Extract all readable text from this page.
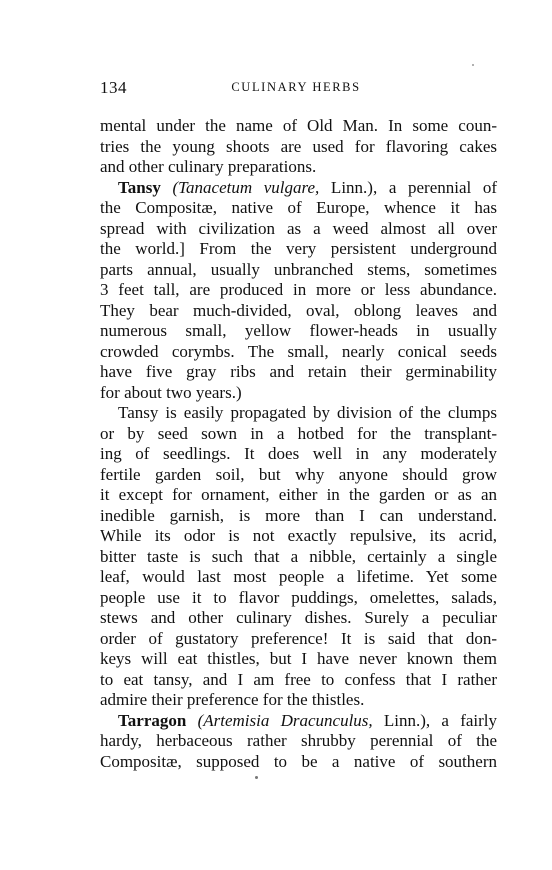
134	CULINARY HERBS
mental under the name of Old Man. In some coun-
tries the young shoots are used for flavoring cakes
and other culinary preparations.
Tansy (Tanacetum vulgare, Linn.), a perennial of
the Compositæ, native of Europe, whence it has
spread with civilization as a weed almost all over
the world.] From the very persistent underground
parts annual, usually unbranched stems, sometimes
3 feet tall, are produced in more or less abundance.
They bear much-divided, oval, oblong leaves and
numerous small, yellow flower-heads in usually
crowded corymbs. The small, nearly conical seeds
have five gray ribs and retain their germinability
for about two years.)
Tansy is easily propagated by division of the clumps
or by seed sown in a hotbed for the transplant-
ing of seedlings. It does well in any moderately
fertile garden soil, but why anyone should grow
it except for ornament, either in the garden or as an
inedible garnish, is more than I can understand.
While its odor is not exactly repulsive, its acrid,
bitter taste is such that a nibble, certainly a single
leaf, would last most people a lifetime. Yet some
people use it to flavor puddings, omelettes, salads,
stews and other culinary dishes. Surely a peculiar
order of gustatory preference! It is said that don-
keys will eat thistles, but I have never known them
to eat tansy, and I am free to confess that I rather
admire their preference for the thistles.
Tarragon (Artemisia Dracunculus, Linn.), a fairly
hardy, herbaceous rather shrubby perennial of the
Compositæ, supposed to be a native of southern
